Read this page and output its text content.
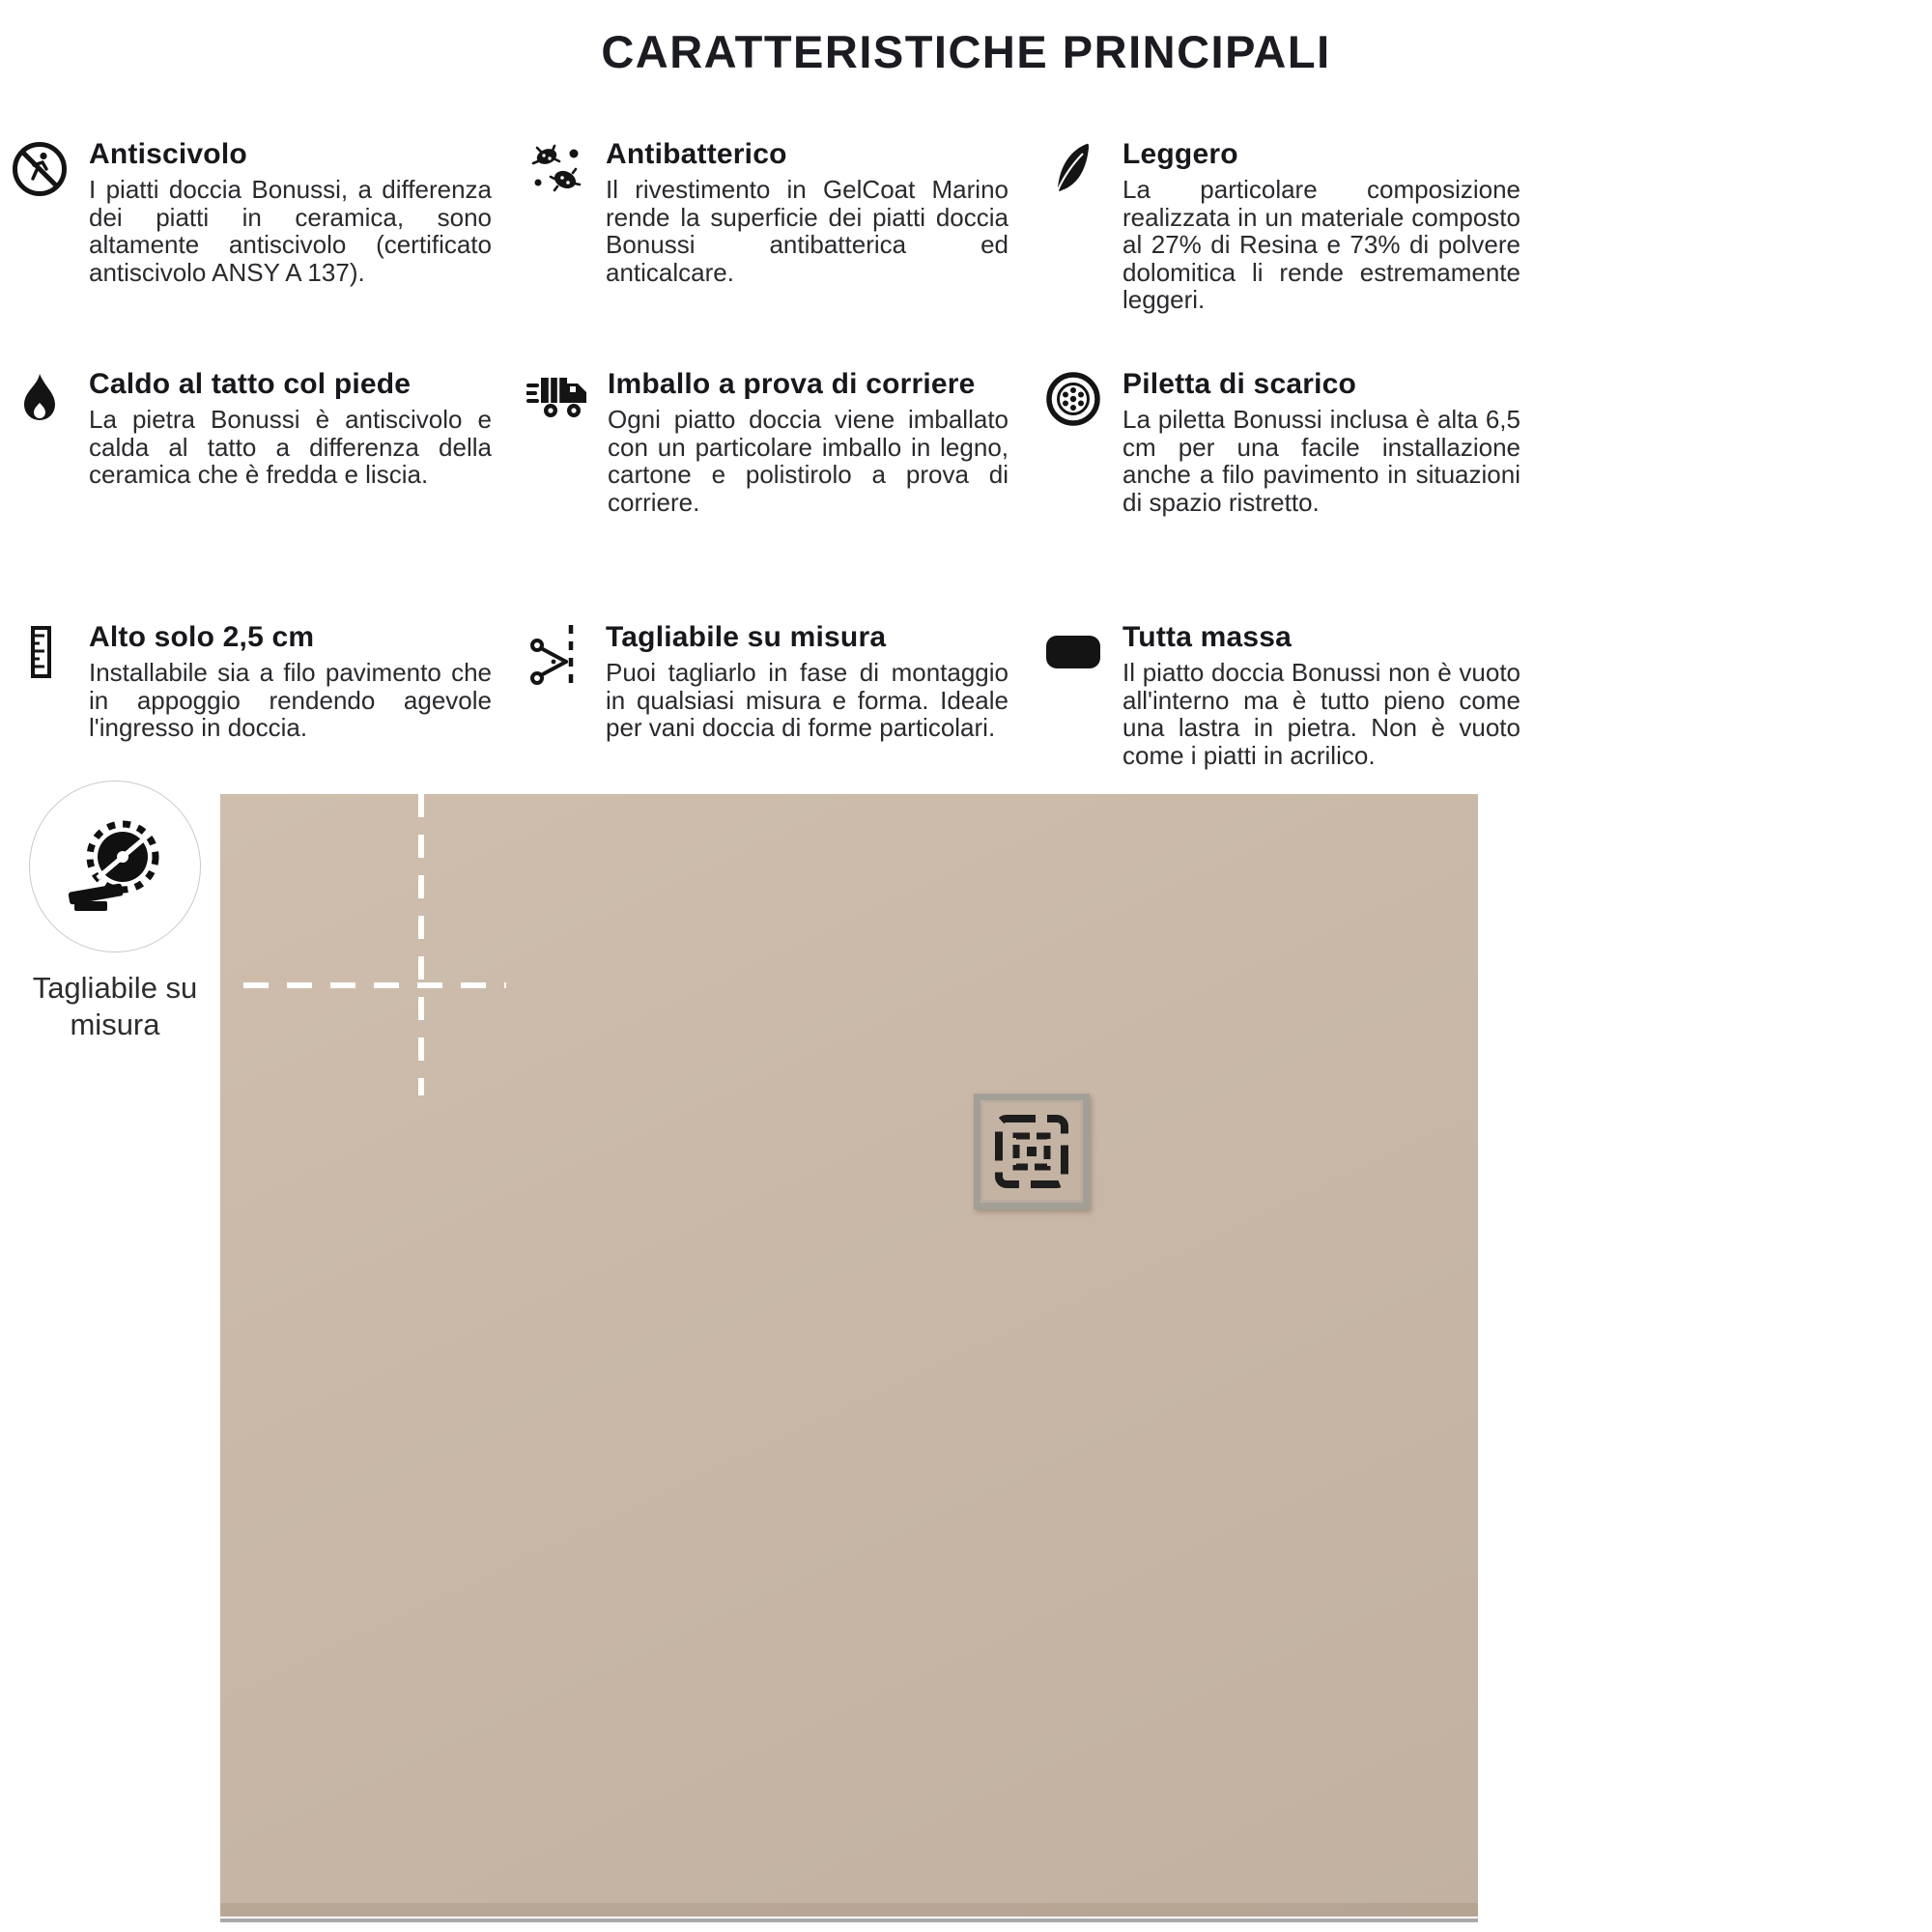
CARATTERISTICHE PRINCIPALI
Antiscivolo

I piatti doccia Bonussi, a differenza dei piatti in ceramica, sono altamente antiscivolo (certificato antiscivolo ANSY A 137).

Antibatterico

Il rivestimento in GelCoat Marino rende la superficie dei piatti doccia Bonussi antibatterica ed anticalcare.

Leggero

La particolare composizione realizzata in un materiale composto al 27% di Resina e 73% di polvere dolomitica li rende estremamente leggeri.

Caldo al tatto col piede

La pietra Bonussi è antiscivolo e calda al tatto a differenza della ceramica che è fredda e liscia.

Imballo a prova di corriere

Ogni piatto doccia viene imballato con un particolare imballo in legno, cartone e polistirolo a prova di corriere.

Piletta di scarico

La piletta Bonussi inclusa è alta 6,5 cm per una facile installazione anche a filo pavimento in situazioni di spazio ristretto.

Alto solo 2,5 cm

Installabile sia a filo pavimento che in appoggio rendendo agevole l'ingresso in doccia.

Tagliabile su misura

Puoi tagliarlo in fase di montaggio in qualsiasi misura e forma. Ideale per vani doccia di forme particolari.

Tutta massa

Il piatto doccia Bonussi non è vuoto all'interno ma è tutto pieno come una lastra in pietra. Non è vuoto come i piatti in acrilico.

Tagliabile su misura
